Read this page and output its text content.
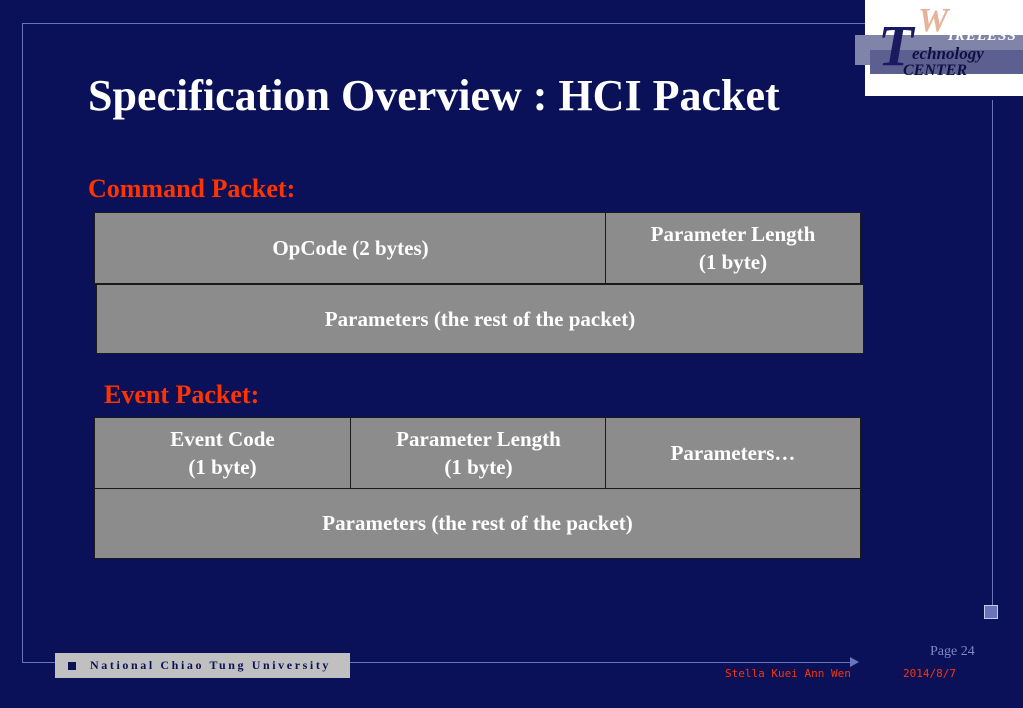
W
T IRELESS
echnology
CENTER
Specification Overview : HCI Packet
Command Packet:
OpCode (2 bytes)
Parameter Length
(1 byte)
Parameters (the rest of the packet)
Event Packet:
Event Code
(1 byte)
Parameter Length
(1 byte)
Parameters…
Parameters (the rest of the packet)
National Chiao Tung University
Page 24
Stella Kuei Ann Wen	2014/8/7
